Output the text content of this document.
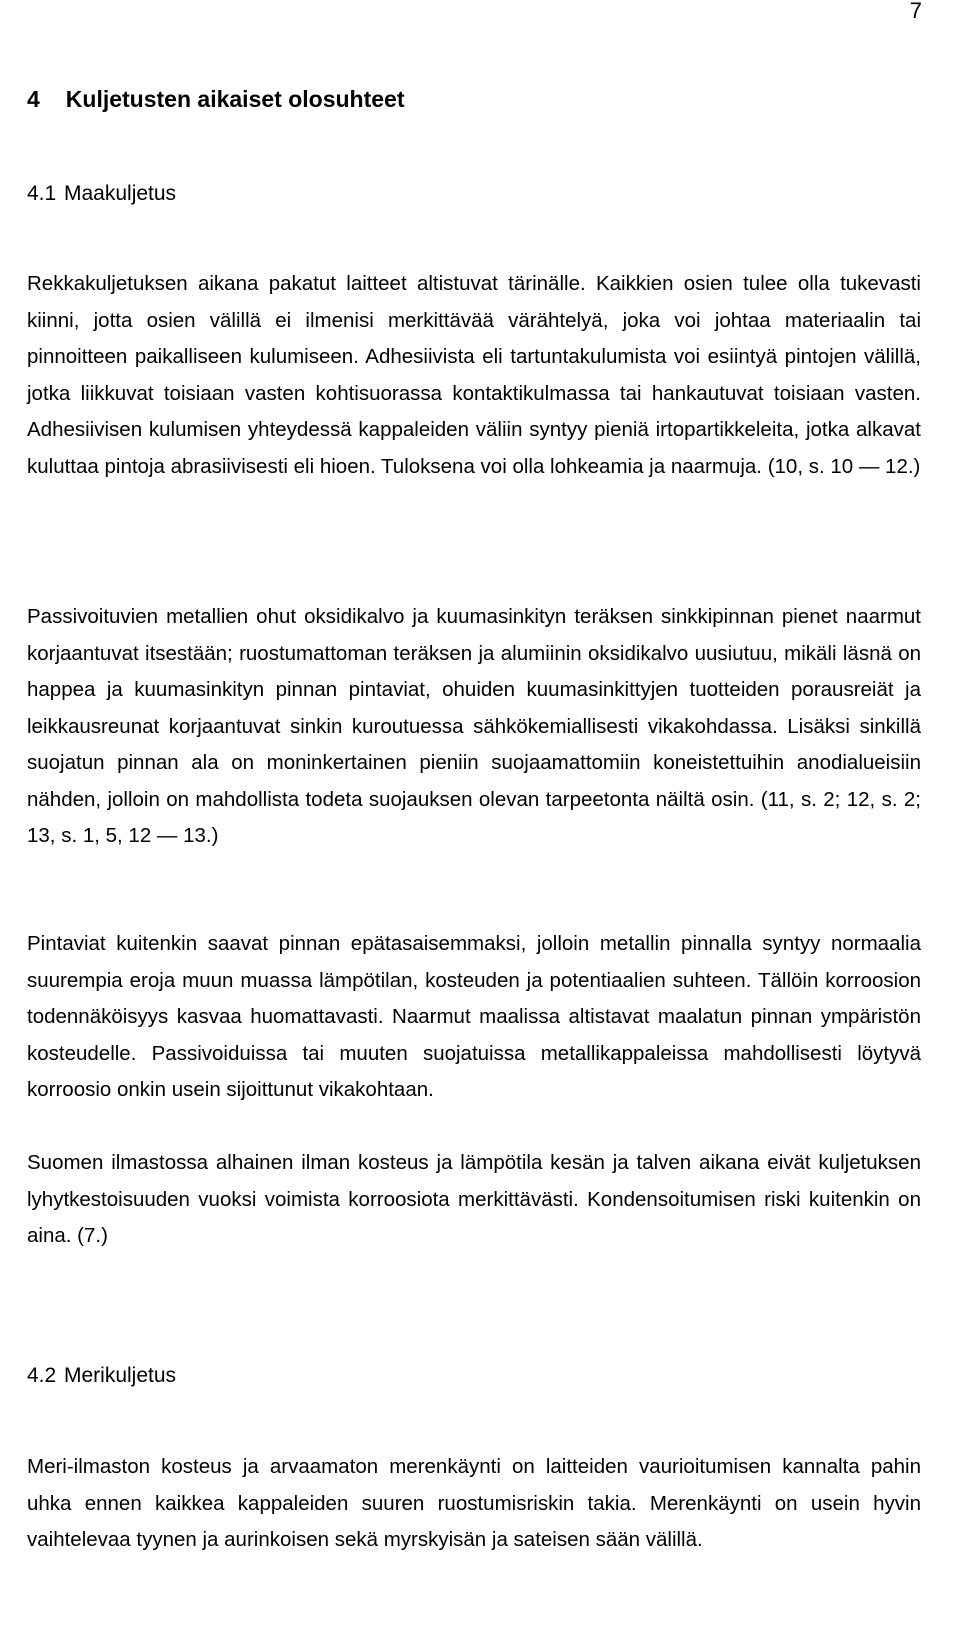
7
4 Kuljetusten aikaiset olosuhteet
4.1 Maakuljetus

Rekkakuljetuksen aikana pakatut laitteet altistuvat tärinälle. Kaikkien osien tulee olla tukevasti kiinni, jotta osien välillä ei ilmenisi merkittävää värähtelyä, joka voi johtaa materiaalin tai pinnoitteen paikalliseen kulumiseen. Adhesiivista eli tartuntakulumista voi esiintyä pintojen välillä, jotka liikkuvat toisiaan vasten kohtisuorassa kontaktikulmassa tai hankautuvat toisiaan vasten. Adhesiivisen kulumisen yhteydessä kappaleiden väliin syntyy pieniä irtopartikkeleita, jotka alkavat kuluttaa pintoja abrasiivisesti eli hioen. Tuloksena voi olla lohkeamia ja naarmuja. (10, s. 10 — 12.)

Passivoituvien metallien ohut oksidikalvo ja kuumasinkityn teräksen sinkkipinnan pienet naarmut korjaantuvat itsestään; ruostumattoman teräksen ja alumiinin oksidikalvo uusiutuu, mikäli läsnä on happea ja kuumasinkityn pinnan pintaviat, ohuiden kuumasinkittyjen tuotteiden porausreiät ja leikkausreunat korjaantuvat sinkin kuroutuessa sähkökemiallisesti vikakohdassa. Lisäksi sinkillä suojatun pinnan ala on moninkertainen pieniin suojaamattomiin koneistettuihin anodialueisiin nähden, jolloin on mahdollista todeta suojauksen olevan tarpeetonta näiltä osin. (11, s. 2; 12, s. 2; 13, s. 1, 5, 12 — 13.)

Pintaviat kuitenkin saavat pinnan epätasaisemmaksi, jolloin metallin pinnalla syntyy normaalia suurempia eroja muun muassa lämpötilan, kosteuden ja potentiaalien suhteen. Tällöin korroosion todennäköisyys kasvaa huomattavasti. Naarmut maalissa altistavat maalatun pinnan ympäristön kosteudelle. Passivoiduissa tai muuten suojatuissa metallikappaleissa mahdollisesti löytyvä korroosio onkin usein sijoittunut vikakohtaan.

Suomen ilmastossa alhainen ilman kosteus ja lämpötila kesän ja talven aikana eivät kuljetuksen lyhytkestoisuuden vuoksi voimista korroosiota merkittävästi. Kondensoitumisen riski kuitenkin on aina. (7.)

4.2 Merikuljetus

Meri-ilmaston kosteus ja arvaamaton merenkäynti on laitteiden vaurioitumisen kannalta pahin uhka ennen kaikkea kappaleiden suuren ruostumisriskin takia. Merenkäynti on usein hyvin vaihtelevaa tyynen ja aurinkoisen sekä myrskyisän ja sateisen sään välillä.
